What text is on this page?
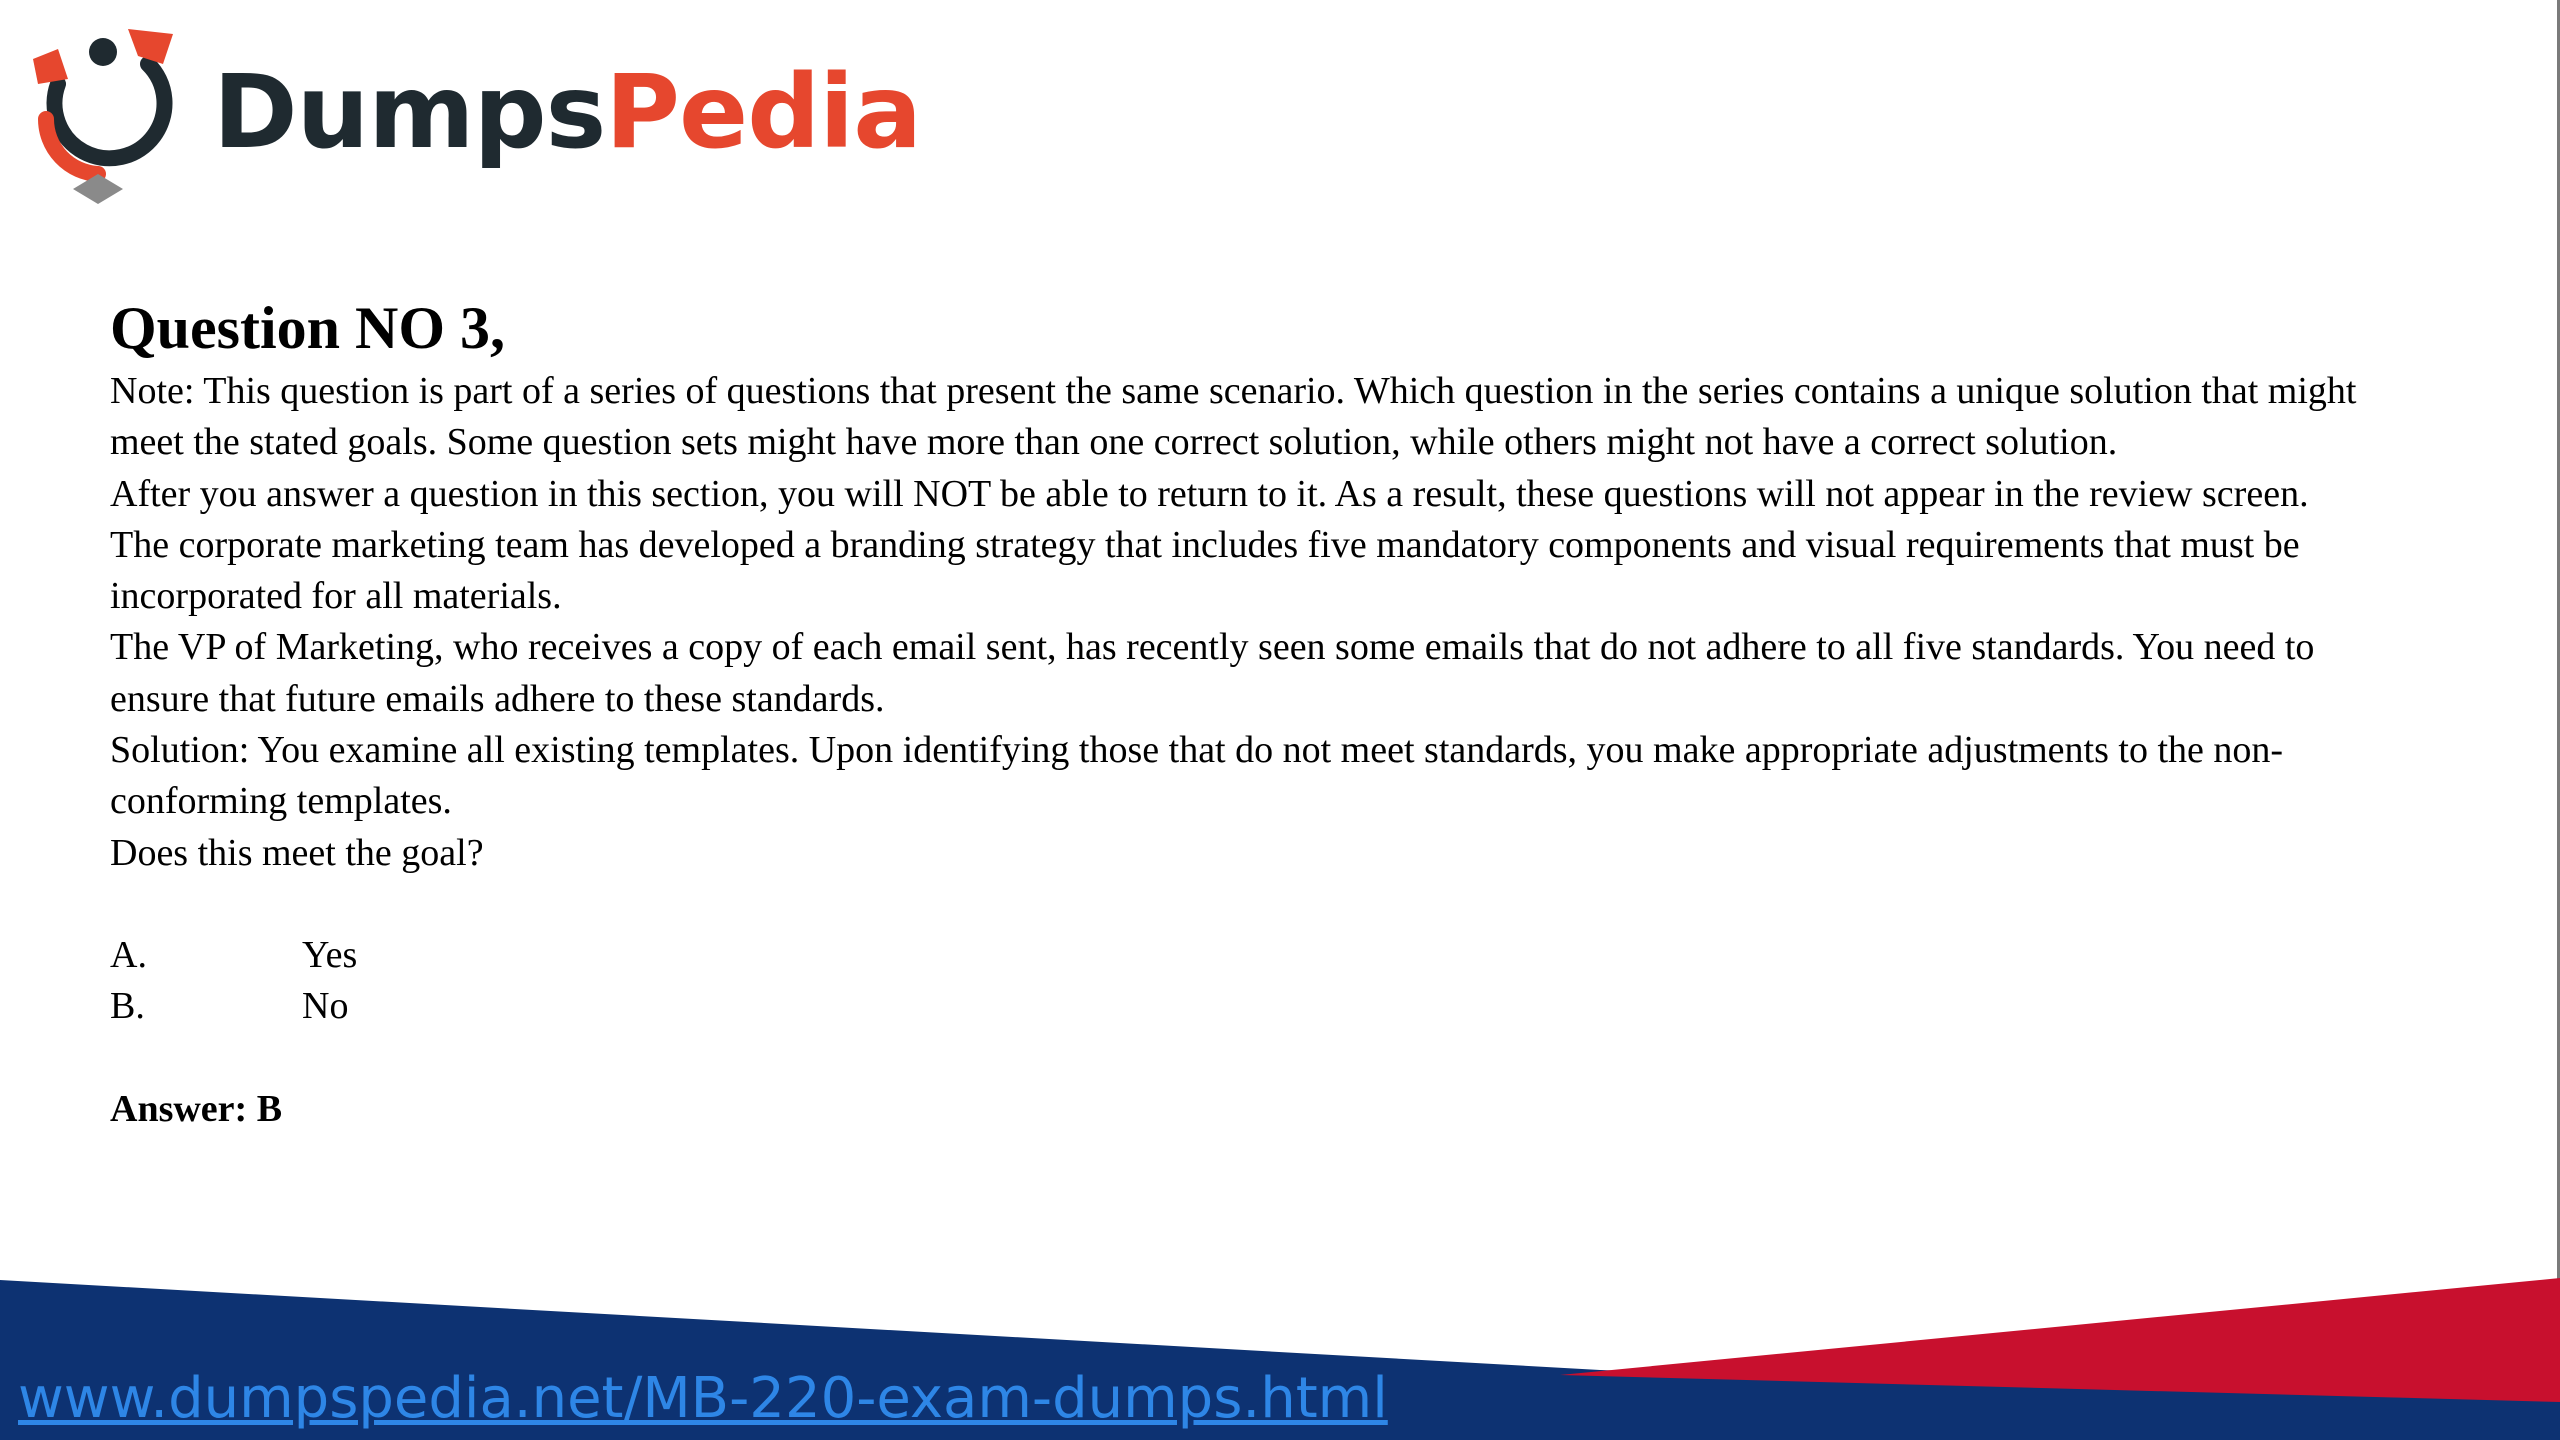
DumpsPedia
Question NO 3,

Note: This question is part of a series of questions that present the same scenario. Which question in the series contains a unique solution that might meet the stated goals. Some question sets might have more than one correct solution, while others might not have a correct solution.

After you answer a question in this section, you will NOT be able to return to it. As a result, these questions will not appear in the review screen.

The corporate marketing team has developed a branding strategy that includes five mandatory components and visual requirements that must be incorporated for all materials.

The VP of Marketing, who receives a copy of each email sent, has recently seen some emails that do not adhere to all five standards. You need to ensure that future emails adhere to these standards.

Solution: You examine all existing templates. Upon identifying those that do not meet standards, you make appropriate adjustments to the non-conforming templates.

Does this meet the goal?

A.	Yes
B.	No
Answer: B
www.dumpspedia.net/MB-220-exam-dumps.html
